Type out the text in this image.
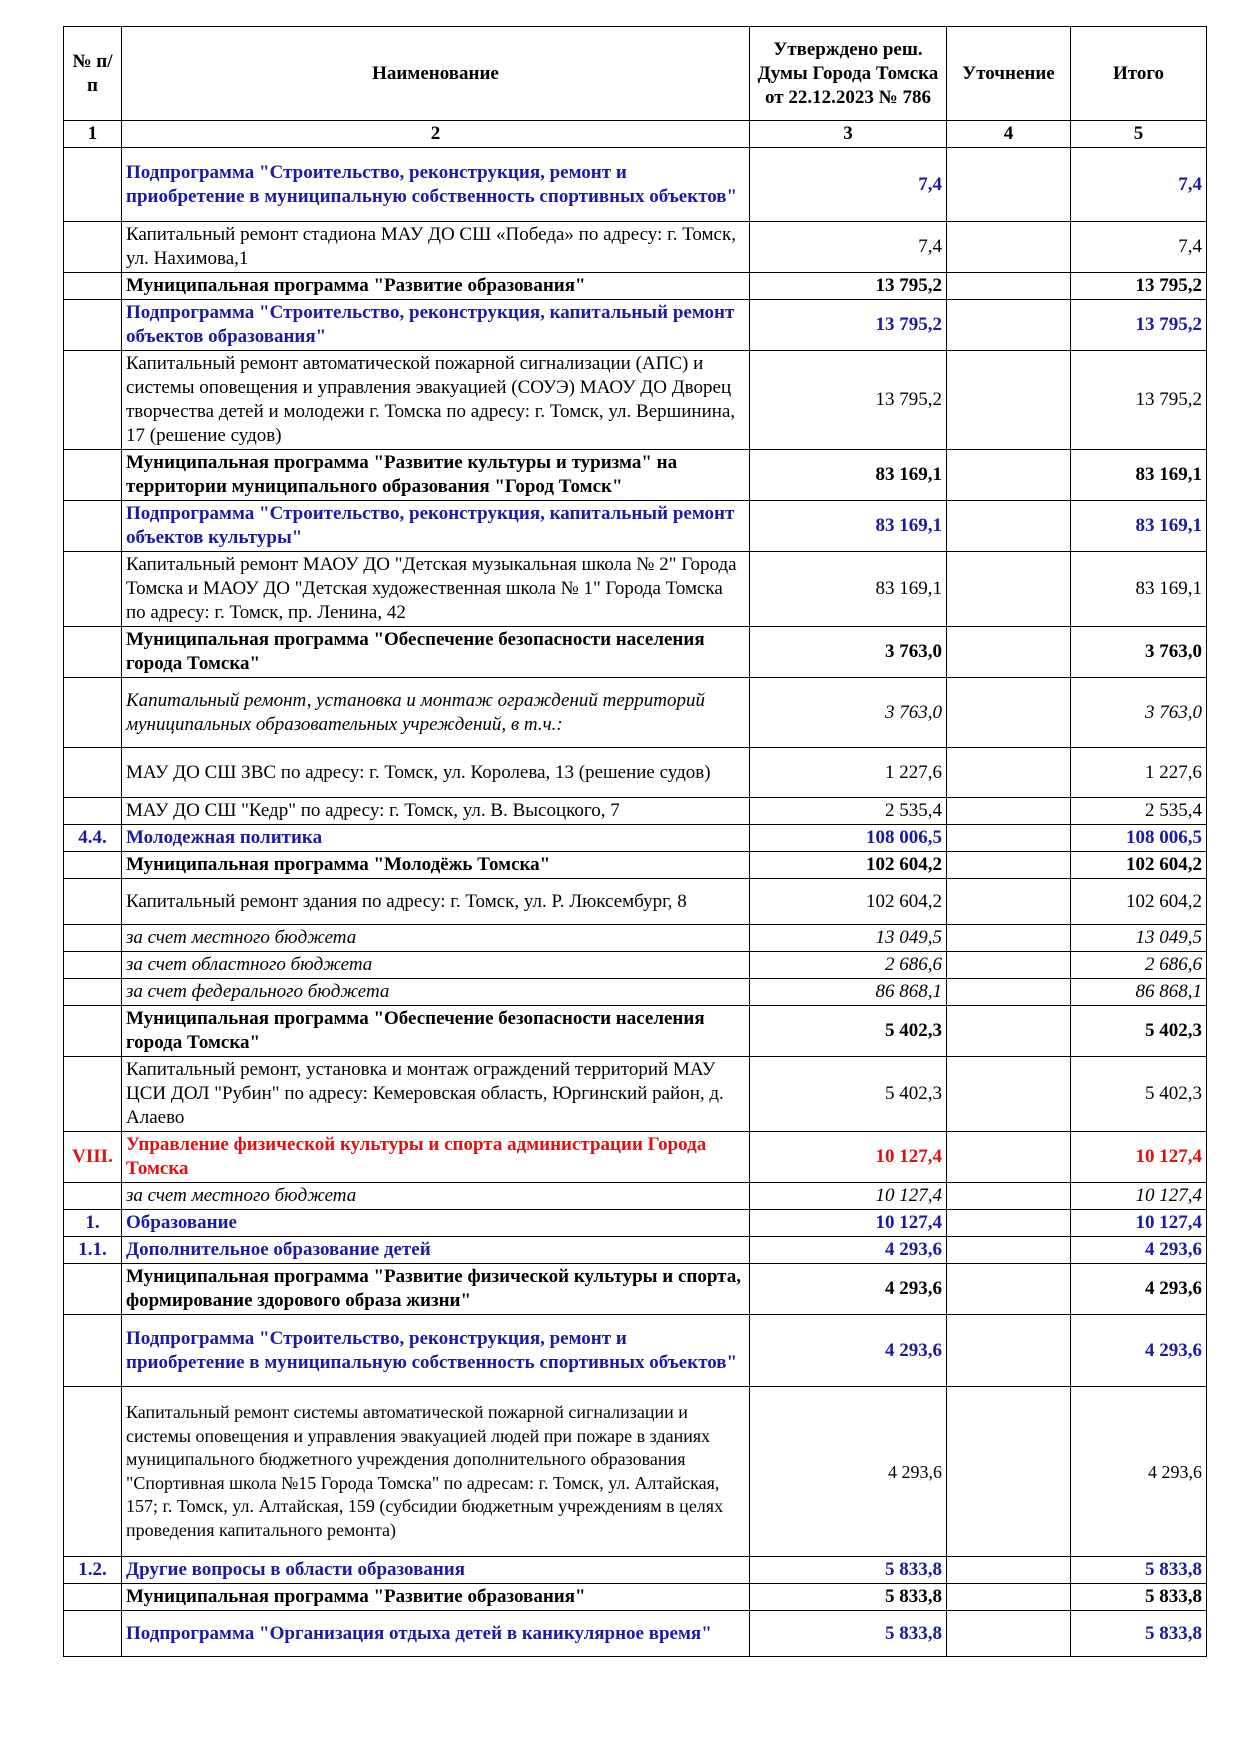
№ п/п	Наименование	Утверждено реш. Думы Города Томска от 22.12.2023 № 786	Уточнение	Итого
1	2	3	4	5
	Подпрограмма "Строительство, реконструкция, ремонт и приобретение в муниципальную собственность спортивных объектов"	7,4		7,4
	Капитальный ремонт стадиона МАУ ДО СШ «Победа» по адресу: г. Томск, ул. Нахимова,1	7,4		7,4
	Муниципальная программа "Развитие образования"	13 795,2		13 795,2
	Подпрограмма "Строительство, реконструкция, капитальный ремонт объектов образования"	13 795,2		13 795,2
	Капитальный ремонт автоматической пожарной сигнализации (АПС) и системы оповещения и управления эвакуацией (СОУЭ) МАОУ ДО Дворец творчества детей и молодежи г. Томска по адресу: г. Томск, ул. Вершинина, 17 (решение судов)	13 795,2		13 795,2
	Муниципальная программа "Развитие культуры и туризма" на территории муниципального образования "Город Томск"	83 169,1		83 169,1
	Подпрограмма "Строительство, реконструкция, капитальный ремонт объектов культуры"	83 169,1		83 169,1
	Капитальный ремонт МАОУ ДО "Детская музыкальная школа № 2" Города Томска и МАОУ ДО "Детская художественная школа № 1" Города Томска по адресу: г. Томск, пр. Ленина, 42	83 169,1		83 169,1
	Муниципальная программа "Обеспечение безопасности населения города Томска"	3 763,0		3 763,0
	Капитальный ремонт, установка и монтаж ограждений территорий муниципальных образовательных учреждений, в т.ч.:	3 763,0		3 763,0
	МАУ ДО СШ ЗВС по адресу: г. Томск, ул. Королева, 13 (решение судов)	1 227,6		1 227,6
	МАУ ДО СШ "Кедр" по адресу: г. Томск, ул. В. Высоцкого, 7	2 535,4		2 535,4
4.4.	Молодежная политика	108 006,5		108 006,5
	Муниципальная программа "Молодёжь Томска"	102 604,2		102 604,2
	Капитальный ремонт здания по адресу: г. Томск, ул. Р. Люксембург, 8	102 604,2		102 604,2
	за счет местного бюджета	13 049,5		13 049,5
	за счет областного бюджета	2 686,6		2 686,6
	за счет федерального бюджета	86 868,1		86 868,1
	Муниципальная программа "Обеспечение безопасности населения города Томска"	5 402,3		5 402,3
	Капитальный ремонт, установка и монтаж ограждений территорий МАУ ЦСИ ДОЛ "Рубин" по адресу: Кемеровская область, Юргинский район, д. Алаево	5 402,3		5 402,3
VIII.	Управление физической культуры и спорта администрации Города Томска	10 127,4		10 127,4
	за счет местного бюджета	10 127,4		10 127,4
1.	Образование	10 127,4		10 127,4
1.1.	Дополнительное образование детей	4 293,6		4 293,6
	Муниципальная программа "Развитие физической культуры и спорта, формирование здорового образа жизни"	4 293,6		4 293,6
	Подпрограмма "Строительство, реконструкция, ремонт и приобретение в муниципальную собственность спортивных объектов"	4 293,6		4 293,6
	Капитальный ремонт системы автоматической пожарной сигнализации и системы оповещения и управления эвакуацией людей при пожаре в зданиях муниципального бюджетного учреждения дополнительного образования "Спортивная школа №15 Города Томска" по адресам: г. Томск, ул. Алтайская, 157; г. Томск, ул. Алтайская, 159 (субсидии бюджетным учреждениям в целях проведения капитального ремонта)	4 293,6		4 293,6
1.2.	Другие вопросы в области образования	5 833,8		5 833,8
	Муниципальная программа "Развитие образования"	5 833,8		5 833,8
	Подпрограмма "Организация отдыха детей в каникулярное время"	5 833,8		5 833,8
